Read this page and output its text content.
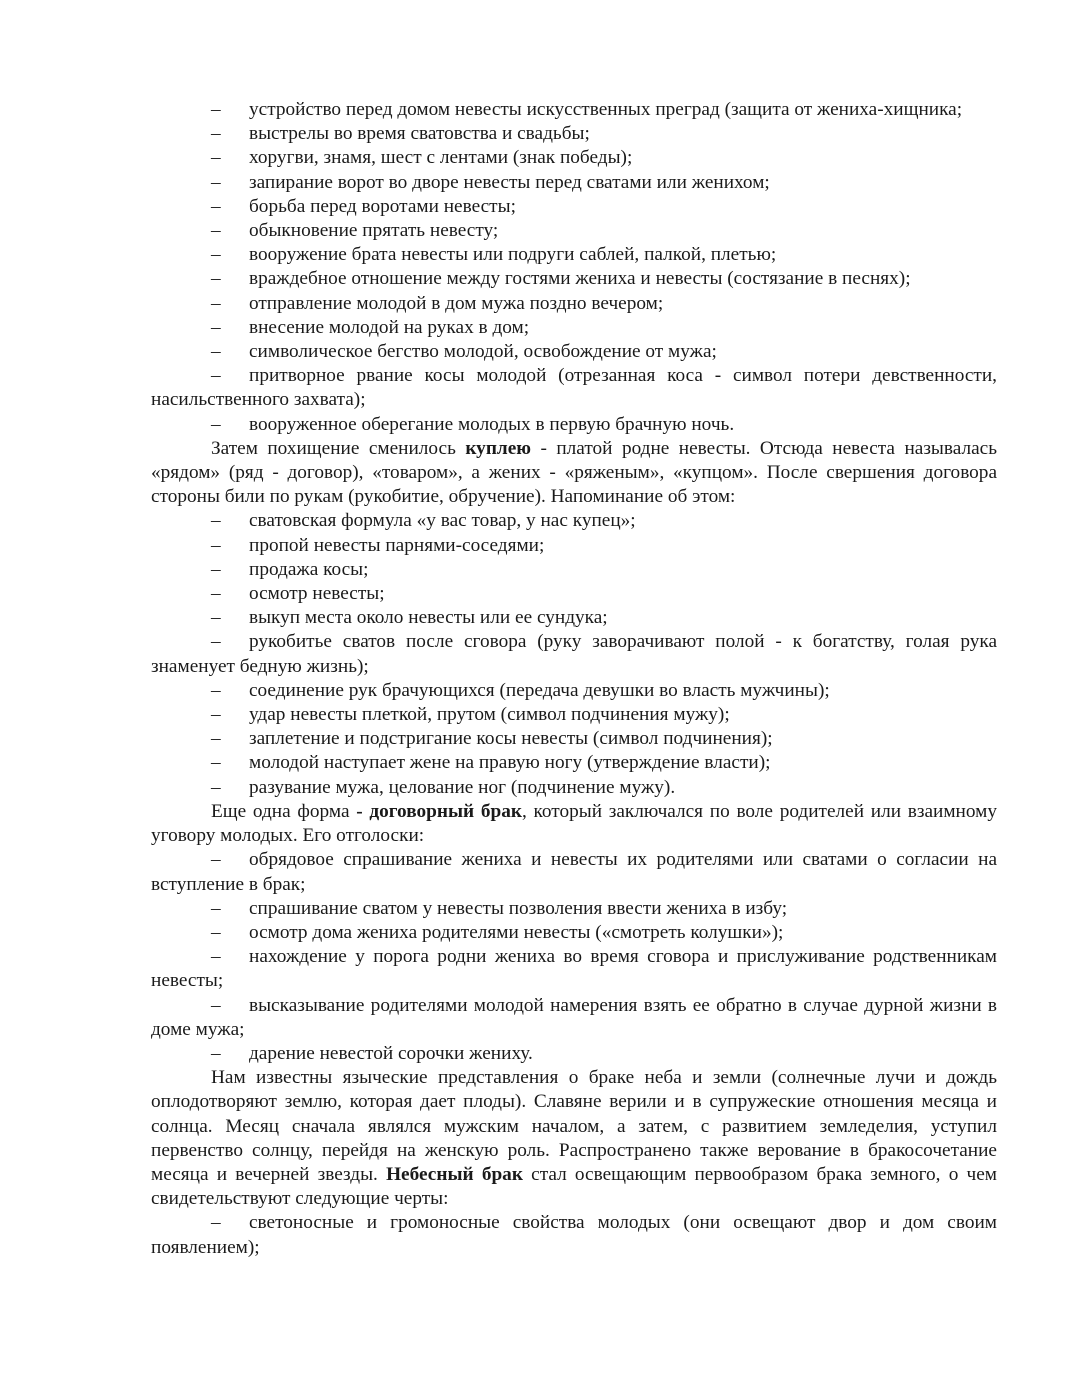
– устройство перед домом невесты искусственных преград (защита от жениха-хищника;

– выстрелы во время сватовства и свадьбы;

– хоругви, знамя, шест с лентами (знак победы);

– запирание ворот во дворе невесты перед сватами или женихом;

– борьба перед воротами невесты;

– обыкновение прятать невесту;

– вооружение брата невесты или подруги саблей, палкой, плетью;

– враждебное отношение между гостями жениха и невесты (состязание в песнях);

– отправление молодой в дом мужа поздно вечером;

– внесение молодой на руках в дом;

– символическое бегство молодой, освобождение от мужа;

– притворное рвание косы молодой (отрезанная коса - символ потери девственности, насильственного захвата);

– вооруженное оберегание молодых в первую брачную ночь.

Затем похищение сменилось куплею - платой родне невесты. Отсюда невеста называлась «рядом» (ряд - договор), «товаром», а жених - «ряженым», «купцом». После свершения договора стороны били по рукам (рукобитие, обручение). Напоминание об этом:

– сватовская формула «у вас товар, у нас купец»;

– пропой невесты парнями-соседями;

– продажа косы;

– осмотр невесты;

– выкуп места около невесты или ее сундука;

– рукобитье сватов после сговора (руку заворачивают полой - к богатству, голая рука знаменует бедную жизнь);

– соединение рук брачующихся (передача девушки во власть мужчины);

– удар невесты плеткой, прутом (символ подчинения мужу);

– заплетение и подстригание косы невесты (символ подчинения);

– молодой наступает жене на правую ногу (утверждение власти);

– разувание мужа, целование ног (подчинение мужу).

Еще одна форма - договорный брак, который заключался по воле родителей или взаимному уговору молодых. Его отголоски:

– обрядовое спрашивание жениха и невесты их родителями или сватами о согласии на вступление в брак;

– спрашивание сватом у невесты позволения ввести жениха в избу;

– осмотр дома жениха родителями невесты («смотреть колушки»);

– нахождение у порога родни жениха во время сговора и прислуживание родственникам невесты;

– высказывание родителями молодой намерения взять ее обратно в случае дурной жизни в доме мужа;

– дарение невестой сорочки жениху.

Нам известны языческие представления о браке неба и земли (солнечные лучи и дождь оплодотворяют землю, которая дает плоды). Славяне верили и в супружеские отношения месяца и солнца. Месяц сначала являлся мужским началом, а затем, с развитием земледелия, уступил первенство солнцу, перейдя на женскую роль. Распространено также верование в бракосочетание месяца и вечерней звезды. Небесный брак стал освещающим первообразом брака земного, о чем свидетельствуют следующие черты:

– светоносные и громоносные свойства молодых (они освещают двор и дом своим появлением);
